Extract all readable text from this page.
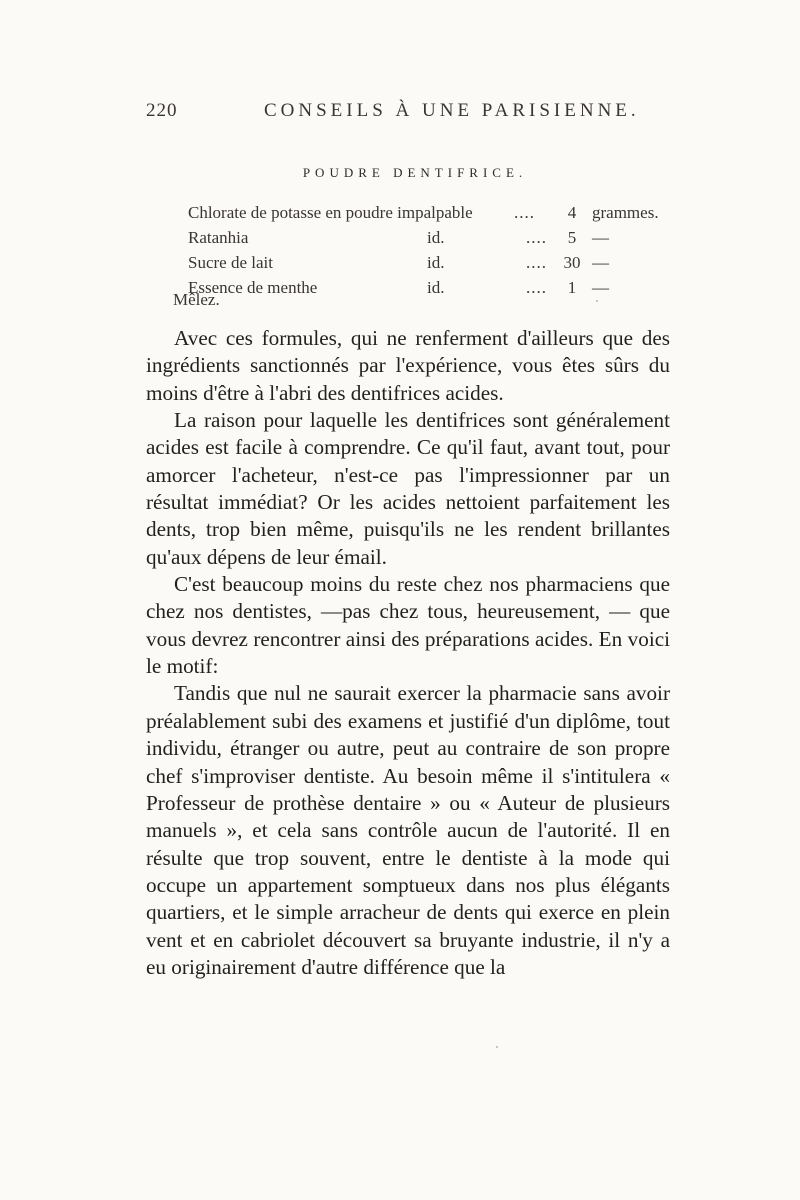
220	CONSEILS À UNE PARISIENNE.
POUDRE DENTIFRICE.
Chlorate de potasse en poudre impalpable ....	4 grammes.
Ratanhia	id.	....	5 —
Sucre de lait	id.	.... 30 —
Essence de menthe	id.	....	1 —
Mêlez.

Avec ces formules, qui ne renferment d'ailleurs que des ingrédients sanctionnés par l'expérience, vous êtes sûrs du moins d'être à l'abri des dentifrices acides.

La raison pour laquelle les dentifrices sont généralement acides est facile à comprendre. Ce qu'il faut, avant tout, pour amorcer l'acheteur, n'est-ce pas l'impressionner par un résultat immédiat? Or les acides nettoient parfaitement les dents, trop bien même, puisqu'ils ne les rendent brillantes qu'aux dépens de leur émail.

C'est beaucoup moins du reste chez nos pharmaciens que chez nos dentistes, —pas chez tous, heureusement, — que vous devrez rencontrer ainsi des préparations acides. En voici le motif:

Tandis que nul ne saurait exercer la pharmacie sans avoir préalablement subi des examens et justifié d'un diplôme, tout individu, étranger ou autre, peut au contraire de son propre chef s'improviser dentiste. Au besoin même il s'intitulera « Professeur de prothèse dentaire » ou « Auteur de plusieurs manuels », et cela sans contrôle aucun de l'autorité. Il en résulte que trop souvent, entre le dentiste à la mode qui occupe un appartement somptueux dans nos plus élégants quartiers, et le simple arracheur de dents qui exerce en plein vent et en cabriolet découvert sa bruyante industrie, il n'y a eu originairement d'autre différence que la
